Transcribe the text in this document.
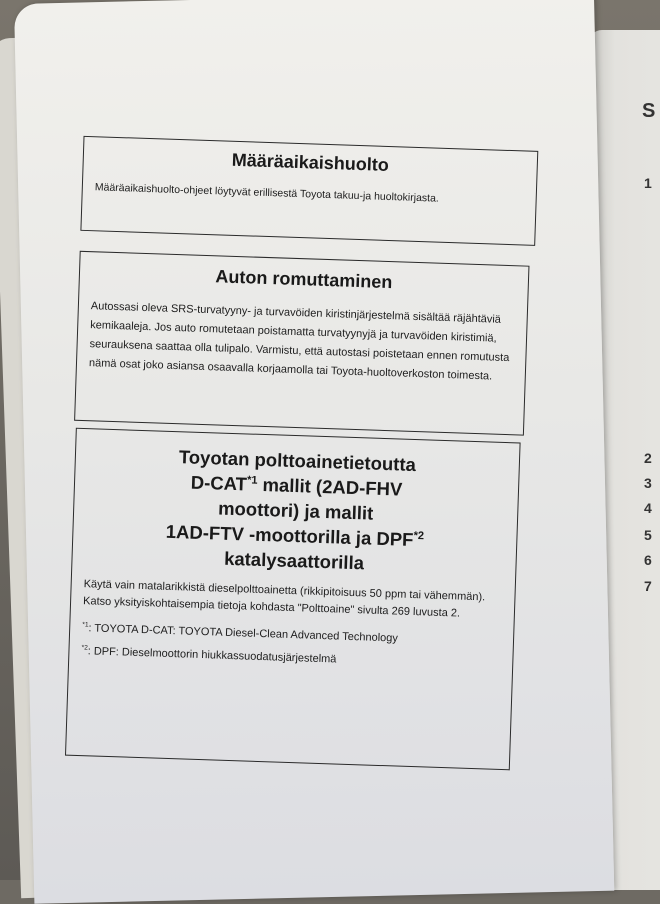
S
1
2
3
4
5
6
7
Määräaikaishuolto

Määräaikaishuolto-ohjeet löytyvät erillisestä Toyota takuu-ja huoltokirjasta.

Auton romuttaminen

Autossasi oleva SRS-turvatyyny- ja turvavöiden kiristinjärjestelmä sisältää räjähtäviä kemikaaleja. Jos auto romutetaan poistamatta turvatyynyjä ja turvavöiden kiristimiä, seurauksena saattaa olla tulipalo. Varmistu, että autostasi poistetaan ennen romutusta nämä osat joko asiansa osaavalla korjaamolla tai Toyota-huoltoverkoston toimesta.

Toyotan polttoainetietoutta
D-CAT$^{*1}$ mallit (2AD-FHV
moottori) ja mallit
1AD-FTV -moottorilla ja DPF$^{*2}$
katalysaattorilla

Käytä vain matalarikkistä dieselpolttoainetta (rikkipitoisuus 50 ppm tai vähemmän). Katso yksityiskohtaisempia tietoja kohdasta "Polttoaine" sivulta 269 luvusta 2.

$^{*1}$: TOYOTA D-CAT: TOYOTA Diesel-Clean Advanced Technology

$^{*2}$: DPF: Dieselmoottorin hiukkassuodatusjärjestelmä
